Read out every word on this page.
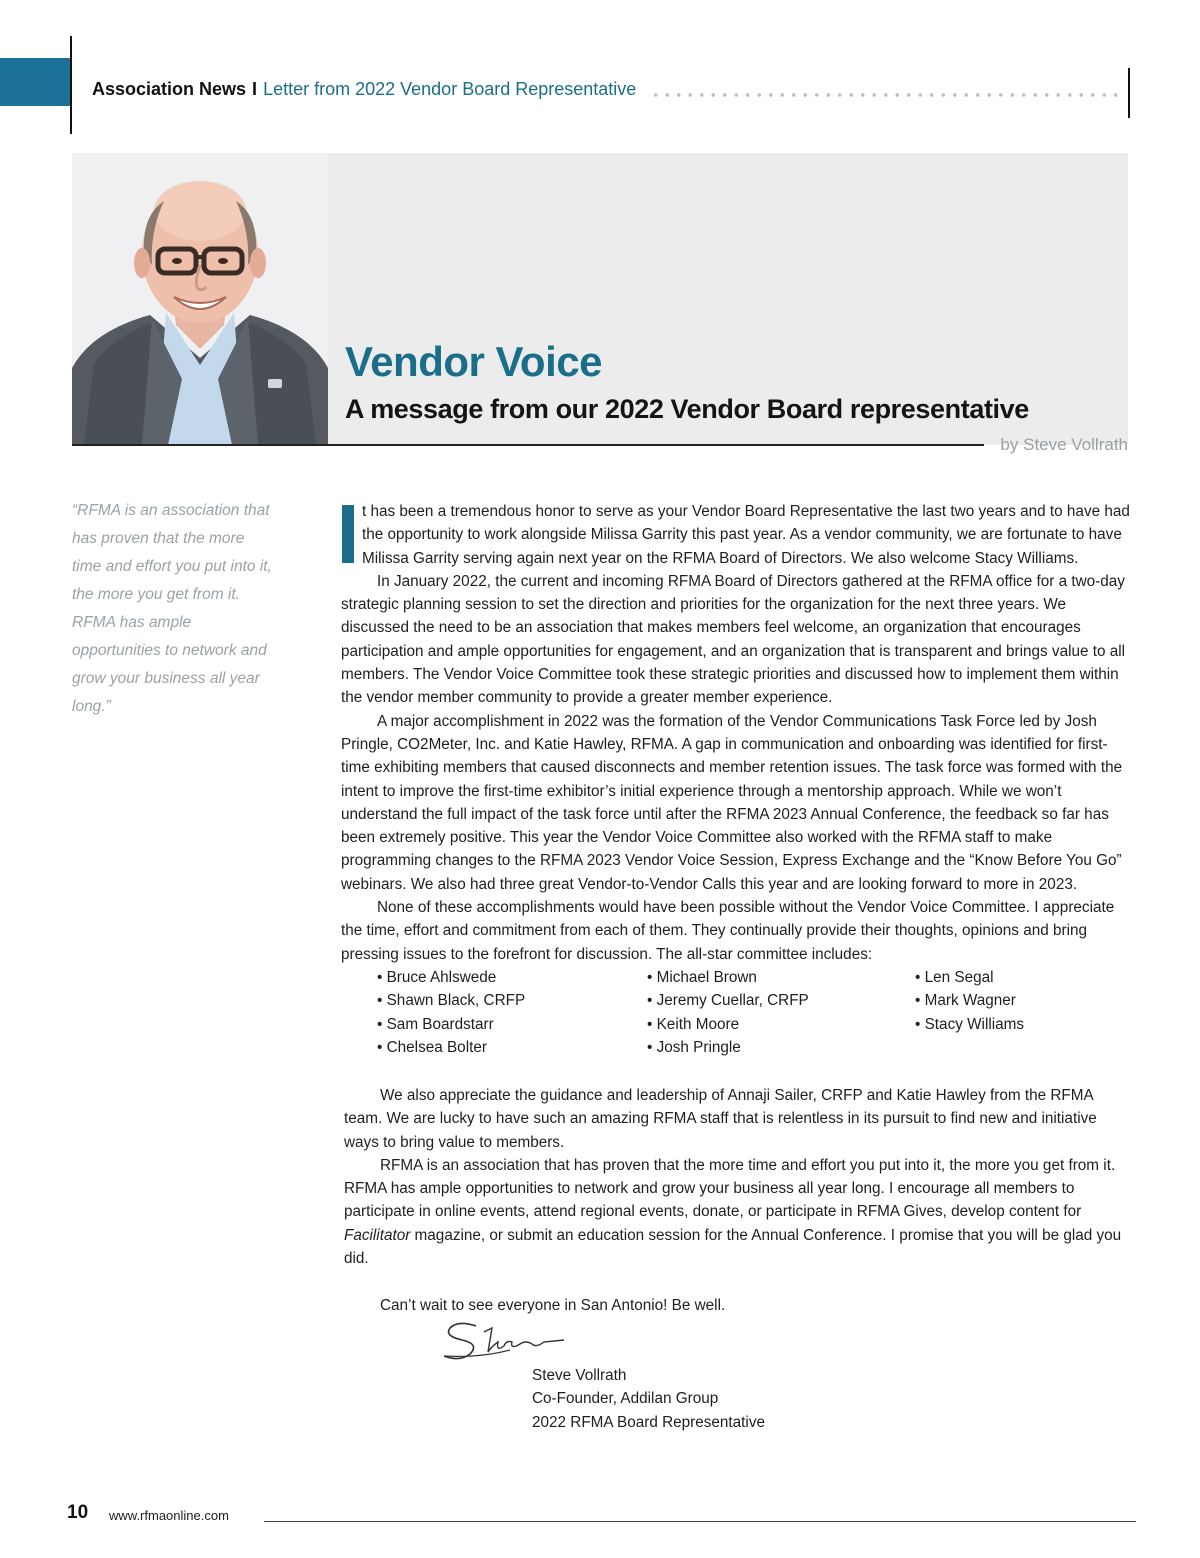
Association News I Letter from 2022 Vendor Board Representative
Vendor Voice
A message from our 2022 Vendor Board representative
by Steve Vollrath
“RFMA is an association that has proven that the more time and effort you put into it, the more you get from it. RFMA has ample opportunities to network and grow your business all year long.”

t has been a tremendous honor to serve as your Vendor Board Representative the last two years and to have had the opportunity to work alongside Milissa Garrity this past year. As a vendor community, we are fortunate to have Milissa Garrity serving again next year on the RFMA Board of Directors. We also welcome Stacy Williams.

In January 2022, the current and incoming RFMA Board of Directors gathered at the RFMA office for a two-day strategic planning session to set the direction and priorities for the organization for the next three years. We discussed the need to be an association that makes members feel welcome, an organization that encourages participation and ample opportunities for engagement, and an organization that is transparent and brings value to all members. The Vendor Voice Committee took these strategic priorities and discussed how to implement them within the vendor member community to provide a greater member experience.

A major accomplishment in 2022 was the formation of the Vendor Communications Task Force led by Josh Pringle, CO2Meter, Inc. and Katie Hawley, RFMA. A gap in communication and onboarding was identified for first-time exhibiting members that caused disconnects and member retention issues. The task force was formed with the intent to improve the first-time exhibitor’s initial experience through a mentorship approach. While we won’t understand the full impact of the task force until after the RFMA 2023 Annual Conference, the feedback so far has been extremely positive. This year the Vendor Voice Committee also worked with the RFMA staff to make programming changes to the RFMA 2023 Vendor Voice Session, Express Exchange and the “Know Before You Go” webinars. We also had three great Vendor-to-Vendor Calls this year and are looking forward to more in 2023.

None of these accomplishments would have been possible without the Vendor Voice Committee. I appreciate the time, effort and commitment from each of them. They continually provide their thoughts, opinions and bring pressing issues to the forefront for discussion. The all-star committee includes:

• Bruce Ahlswede	• Michael Brown	• Len Segal
• Shawn Black, CRFP	• Jeremy Cuellar, CRFP	• Mark Wagner
• Sam Boardstarr	• Keith Moore	• Stacy Williams
• Chelsea Bolter	• Josh Pringle

We also appreciate the guidance and leadership of Annaji Sailer, CRFP and Katie Hawley from the RFMA team. We are lucky to have such an amazing RFMA staff that is relentless in its pursuit to find new and initiative ways to bring value to members.

RFMA is an association that has proven that the more time and effort you put into it, the more you get from it. RFMA has ample opportunities to network and grow your business all year long. I encourage all members to participate in online events, attend regional events, donate, or participate in RFMA Gives, develop content for Facilitator magazine, or submit an education session for the Annual Conference. I promise that you will be glad you did.

Can’t wait to see everyone in San Antonio! Be well.

Steve Vollrath
Co-Founder, Addilan Group
2022 RFMA Board Representative
10 www.rfmaonline.com
